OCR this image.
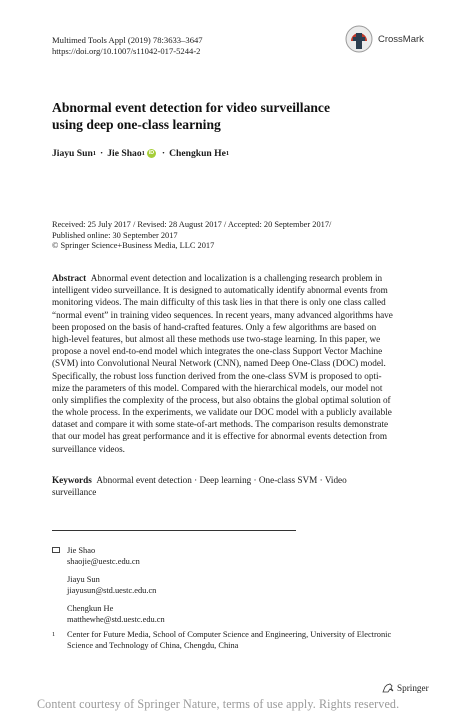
Multimed Tools Appl (2019) 78:3633–3647
https://doi.org/10.1007/s11042-017-5244-2
CrossMark
Abnormal event detection for video surveillance
using deep one-class learning
Jiayu Sun 1 · Jie Shao 1 iD · Chengkun He 1
Received: 25 July 2017 / Revised: 28 August 2017 / Accepted: 20 September 2017/
Published online: 30 September 2017
© Springer Science+Business Media, LLC 2017
Abstract Abnormal event detection and localization is a challenging research problem in
intelligent video surveillance. It is designed to automatically identify abnormal events from
monitoring videos. The main difficulty of this task lies in that there is only one class called
“normal event” in training video sequences. In recent years, many advanced algorithms have
been proposed on the basis of hand-crafted features. Only a few algorithms are based on
high-level features, but almost all these methods use two-stage learning. In this paper, we
propose a novel end-to-end model which integrates the one-class Support Vector Machine
(SVM) into Convolutional Neural Network (CNN), named Deep One-Class (DOC) model.
Specifically, the robust loss function derived from the one-class SVM is proposed to opti-
mize the parameters of this model. Compared with the hierarchical models, our model not
only simplifies the complexity of the process, but also obtains the global optimal solution of
the whole process. In the experiments, we validate our DOC model with a publicly available
dataset and compare it with some state-of-art methods. The comparison results demonstrate
that our model has great performance and it is effective for abnormal events detection from
surveillance videos.
Keywords Abnormal event detection · Deep learning · One-class SVM · Video
surveillance
Jie Shao
shaojie@uestc.edu.cn
Jiayu Sun
jiayusun@std.uestc.edu.cn
Chengkun He
matthewhe@std.uestc.edu.cn
1	Center for Future Media, School of Computer Science and Engineering, University of Electronic
Science and Technology of China, Chengdu, China
Springer
Content courtesy of Springer Nature, terms of use apply. Rights reserved.
